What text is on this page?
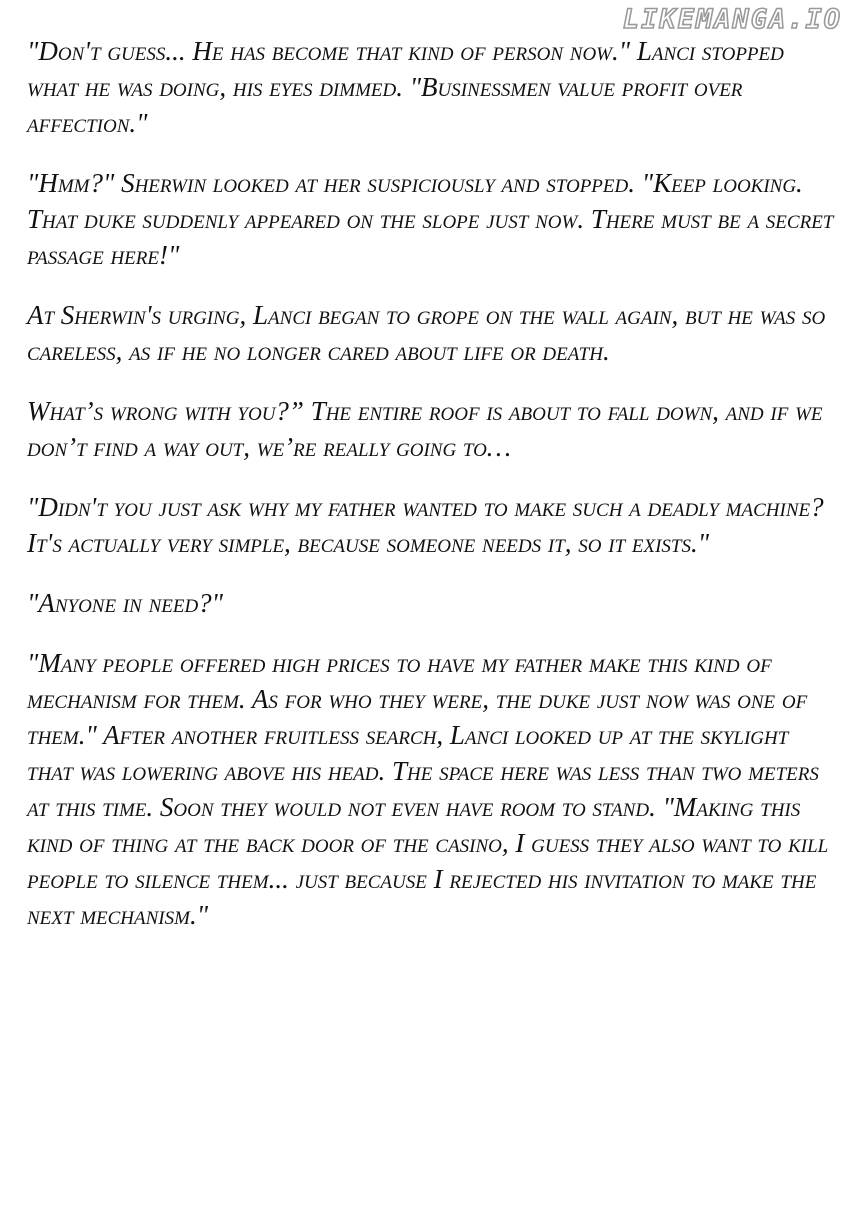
LIKEMANGA.IO

"Don't guess... He has become that kind of person now." Lanci stopped what he was doing, his eyes dimmed. "Businessmen value profit over affection."

"Hmm?" Sherwin looked at her suspiciously and stopped. "Keep looking. That duke suddenly appeared on the slope just now. There must be a secret passage here!"

At Sherwin's urging, Lanci began to grope on the wall again, but he was so careless, as if he no longer cared about life or death.

What’s wrong with you?” The entire roof is about to fall down, and if we don’t find a way out, we’re really going to…

"Didn't you just ask why my father wanted to make such a deadly machine? It's actually very simple, because someone needs it, so it exists."

"Anyone in need?"

"Many people offered high prices to have my father make this kind of mechanism for them. As for who they were, the duke just now was one of them." After another fruitless search, Lanci looked up at the skylight that was lowering above his head. The space here was less than two meters at this time. Soon they would not even have room to stand. "Making this kind of thing at the back door of the casino, I guess they also want to kill people to silence them... just because I rejected his invitation to make the next mechanism."
